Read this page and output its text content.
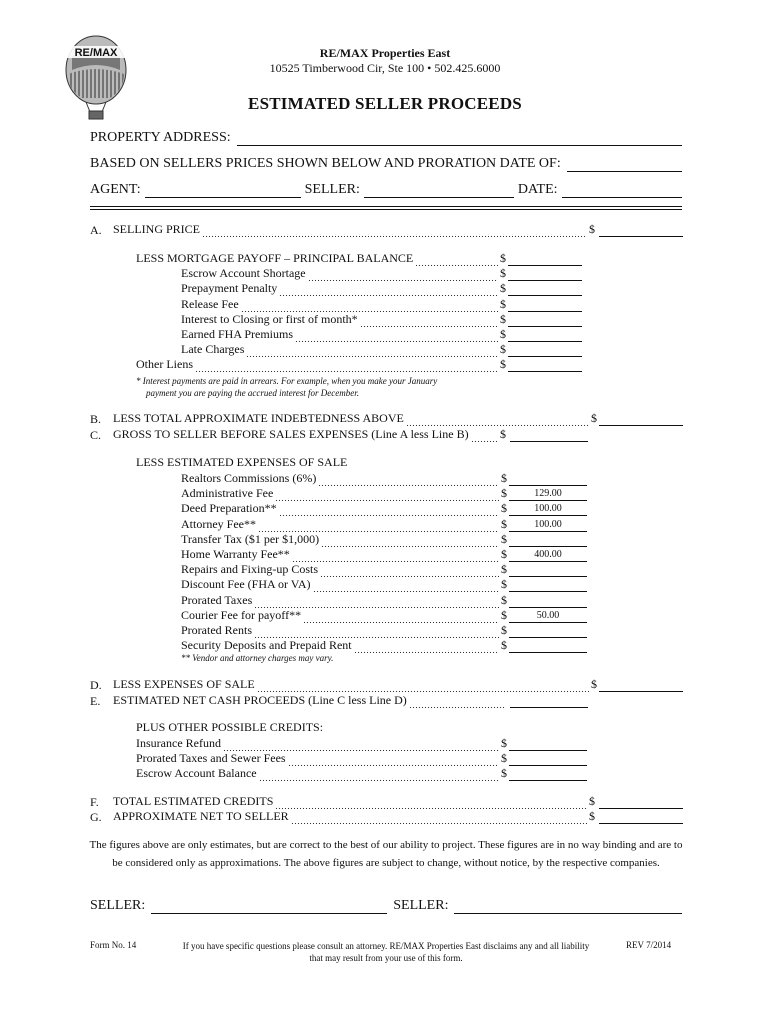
RE/MAX	RE/MAX Properties East
10525 Timberwood Cir, Ste 100 • 502.425.6000
ESTIMATED SELLER PROCEEDS
PROPERTY ADDRESS:
BASED ON SELLERS PRICES SHOWN BELOW AND PRORATION DATE OF:
AGENT:	SELLER:	DATE:
A. SELLING PRICE	$
LESS MORTGAGE PAYOFF – PRINCIPAL BALANCE	$
Escrow Account Shortage	$
Prepayment Penalty	$
Release Fee	$
Interest to Closing or first of month*	$
Earned FHA Premiums	$
Late Charges	$
Other Liens	$
* Interest payments are paid in arrears. For example, when you make your January
payment you are paying the accrued interest for December.
B. LESS TOTAL APPROXIMATE INDEBTEDNESS ABOVE	$
C. GROSS TO SELLER BEFORE SALES EXPENSES (Line A less Line B)	$
LESS ESTIMATED EXPENSES OF SALE
Realtors Commissions (6%)	$
Administrative Fee	$	129.00
Deed Preparation**	$	100.00
Attorney Fee**	$	100.00
Transfer Tax ($1 per $1,000)	$
Home Warranty Fee**	$	400.00
Repairs and Fixing-up Costs	$
Discount Fee (FHA or VA)	$
Prorated Taxes	$
Courier Fee for payoff**	$	50.00
Prorated Rents	$
Security Deposits and Prepaid Rent	$
** Vendor and attorney charges may vary.
D. LESS EXPENSES OF SALE	$
E. ESTIMATED NET CASH PROCEEDS (Line C less Line D)
PLUS OTHER POSSIBLE CREDITS:
Insurance Refund	$
Prorated Taxes and Sewer Fees	$
Escrow Account Balance	$
F. TOTAL ESTIMATED CREDITS	$
G. APPROXIMATE NET TO SELLER	$
The figures above are only estimates, but are correct to the best of our ability to project. These figures are in no way binding and are to be considered only as approximations. The above figures are subject to change, without notice, by the respective companies.
SELLER:	SELLER:
Form No. 14	If you have specific questions please consult an attorney. RE/MAX Properties East disclaims any and all liability that may result from your use of this form.
REV 7/2014
